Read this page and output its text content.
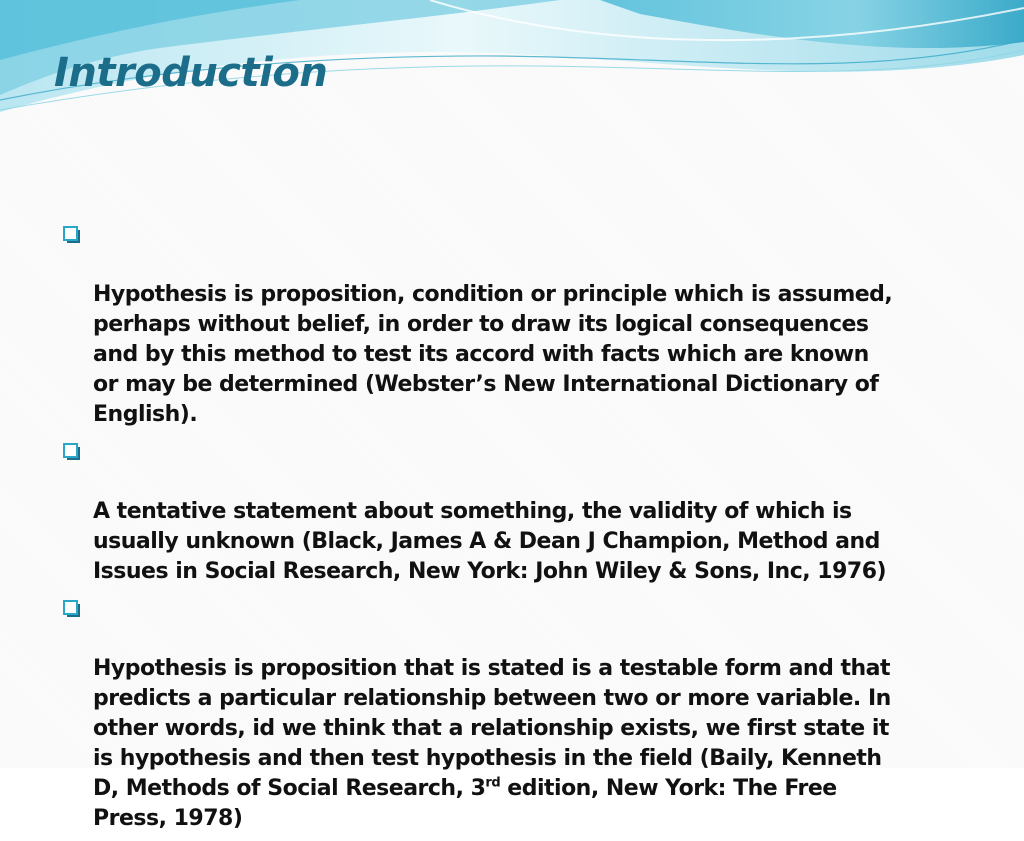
Introduction

Hypothesis is proposition, condition or principle which is assumed,
perhaps without belief, in order to draw its logical consequences
and by this method to test its accord with facts which are known
or may be determined (Webster’s New International Dictionary of
English).

A tentative statement about something, the validity of which is
usually unknown (Black, James A & Dean J Champion, Method and
Issues in Social Research, New York: John Wiley & Sons, Inc, 1976)

Hypothesis is proposition that is stated is a testable form and that
predicts a particular relationship between two or more variable. In
other words, id we think that a relationship exists, we first state it
is hypothesis and then test hypothesis in the field (Baily, Kenneth
D, Methods of Social Research, 3rd edition, New York: The Free
Press, 1978)
